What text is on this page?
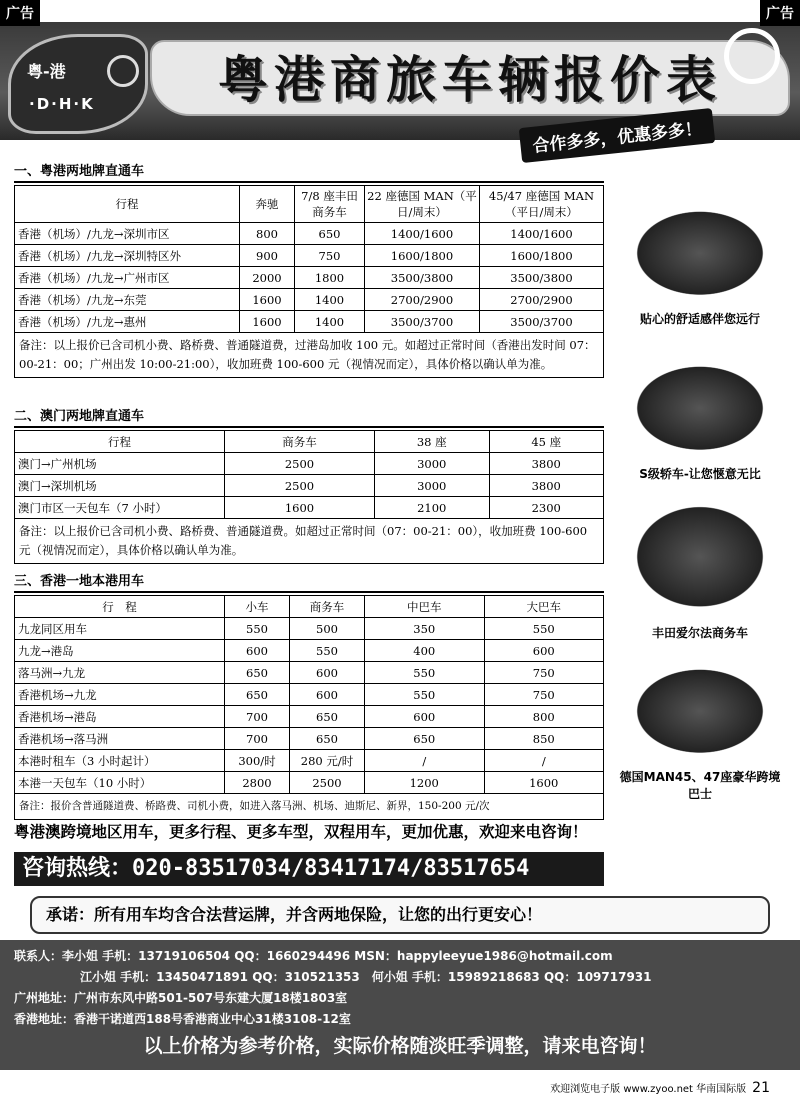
广告	广告
粤-港
·D·H·K	粤港商旅车辆报价表
合作多多，优惠多多！
一、粤港两地牌直通车
行程	奔驰	7/8 座丰田商务车	22 座德国 MAN（平日/周末）	45/47 座德国 MAN（平日/周末）
香港（机场）/九龙→深圳市区	800	650	1400/1600	1400/1600
香港（机场）/九龙→深圳特区外	900	750	1600/1800	1600/1800
香港（机场）/九龙→广州市区	2000	1800	3500/3800	3500/3800
香港（机场）/九龙→东莞	1600	1400	2700/2900	2700/2900
香港（机场）/九龙→惠州	1600	1400	3500/3700	3500/3700
备注：以上报价已含司机小费、路桥费、普通隧道费，过港岛加收 100 元。如超过正常时间（香港出发时间 07：00-21：00；广州出发 10:00-21:00），收加班费 100-600 元（视情况而定），具体价格以确认单为准。
二、澳门两地牌直通车
行程	商务车	38 座	45 座
澳门→广州机场	2500	3000	3800
澳门→深圳机场	2500	3000	3800
澳门市区一天包车（7 小时）	1600	2100	2300
备注：以上报价已含司机小费、路桥费、普通隧道费。如超过正常时间（07：00-21：00），收加班费 100-600 元（视情况而定），具体价格以确认单为准。
三、香港一地本港用车
行　程	小车	商务车	中巴车	大巴车
九龙同区用车	550	500	350	550
九龙→港岛	600	550	400	600
落马洲→九龙	650	600	550	750
香港机场→九龙	650	600	550	750
香港机场→港岛	700	650	600	800
香港机场→落马洲	700	650	650	850
本港时租车（3 小时起计）	300/时	280 元/时	/	/
本港一天包车（10 小时）	2800	2500	1200	1600
备注：报价含普通隧道费、桥路费、司机小费，如进入落马洲、机场、迪斯尼、新界，150-200 元/次
贴心的舒适感伴您远行
S级轿车-让您惬意无比
丰田爱尔法商务车
德国MAN45、47座豪华跨境巴士
粤港澳跨境地区用车，更多行程、更多车型，双程用车，更加优惠，欢迎来电咨询！
咨询热线：020-83517034/83417174/83517654
承诺：所有用车均含合法营运牌，并含两地保险，让您的出行更安心！
联系人：李小姐 手机：13719106504 QQ：1660294496 MSN：happyleeyue1986@hotmail.com
江小姐 手机：13450471891 QQ：310521353　何小姐 手机：15989218683 QQ：109717931
广州地址：广州市东风中路501-507号东建大厦18楼1803室
香港地址：香港干诺道西188号香港商业中心31楼3108-12室
以上价格为参考价格，实际价格随淡旺季调整，请来电咨询！
欢迎浏览电子版 www.zyoo.net 华南国际版 21
